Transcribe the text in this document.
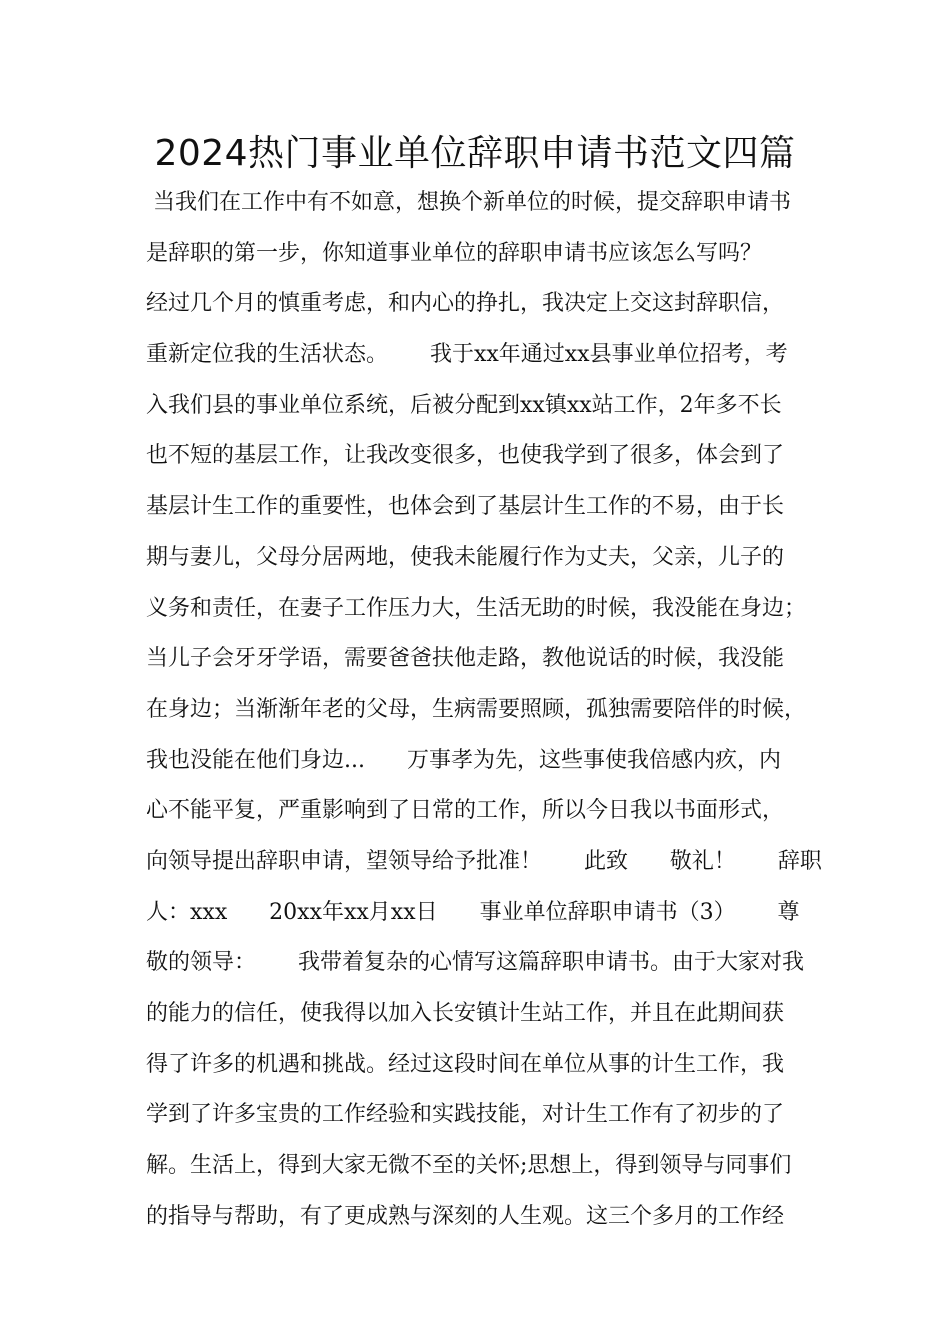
2024热门事业单位辞职申请书范文四篇
当我们在工作中有不如意，想换个新单位的时候，提交辞职申请书
是辞职的第一步，你知道事业单位的辞职申请书应该怎么写吗？
经过几个月的慎重考虑，和内心的挣扎，我决定上交这封辞职信，
重新定位我的生活状态。      我于xx年通过xx县事业单位招考，考
入我们县的事业单位系统，后被分配到xx镇xx站工作，2年多不长
也不短的基层工作，让我改变很多，也使我学到了很多，体会到了
基层计生工作的重要性，也体会到了基层计生工作的不易，由于长
期与妻儿，父母分居两地，使我未能履行作为丈夫，父亲，儿子的
义务和责任，在妻子工作压力大，生活无助的时候，我没能在身边；
当儿子会牙牙学语，需要爸爸扶他走路，教他说话的时候，我没能
在身边；当渐渐年老的父母，生病需要照顾，孤独需要陪伴的时候，
我也没能在他们身边...      万事孝为先，这些事使我倍感内疚，内
心不能平复，严重影响到了日常的工作，所以今日我以书面形式，
向领导提出辞职申请，望领导给予批准！      此致      敬礼！      辞职
人：xxx      20xx年xx月xx日      事业单位辞职申请书（3）      尊
敬的领导：      我带着复杂的心情写这篇辞职申请书。由于大家对我
的能力的信任，使我得以加入长安镇计生站工作，并且在此期间获
得了许多的机遇和挑战。经过这段时间在单位从事的计生工作，我
学到了许多宝贵的工作经验和实践技能，对计生工作有了初步的了
解。生活上，得到大家无微不至的关怀;思想上，得到领导与同事们
的指导与帮助，有了更成熟与深刻的人生观。这三个多月的工作经
